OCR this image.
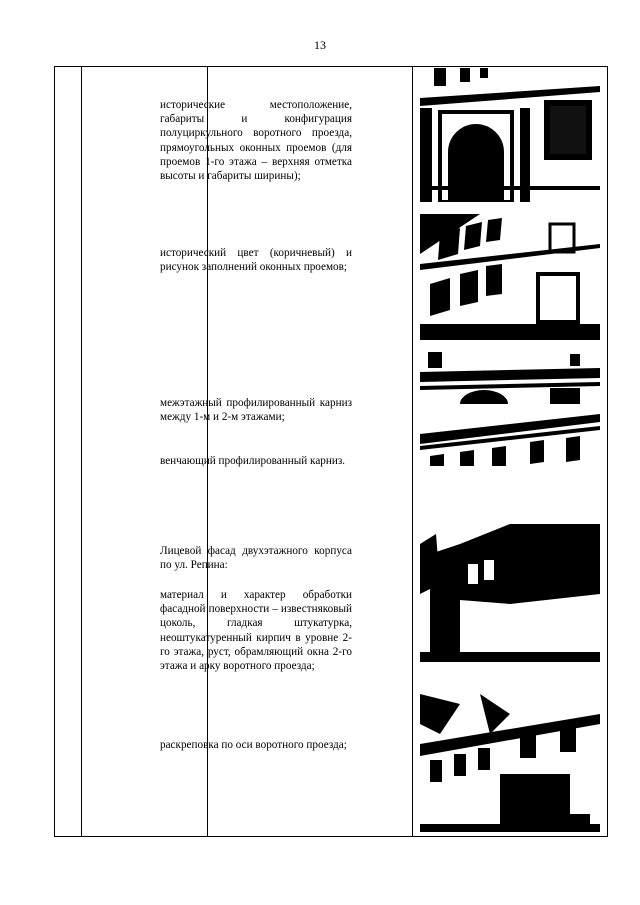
13
исторические местоположение, габариты и конфигурация полуциркульного воротного проезда, прямоугольных оконных проемов (для проемов 1-го этажа – верхняя отметка высоты и габариты ширины);
исторический цвет (коричневый) и рисунок заполнений оконных проемов;
межэтажный профилированный карниз между 1-м и 2-м этажами;
венчающий профилированный карниз.
Лицевой фасад двухэтажного корпуса по ул. Репина:
материал и характер обработки фасадной поверхности – известняковый цоколь, гладкая штукатурка, неоштукатуренный кирпич в уровне 2-го этажа, руст, обрамляющий окна 2-го этажа и арку воротного проезда;
раскреповка по оси воротного проезда;
